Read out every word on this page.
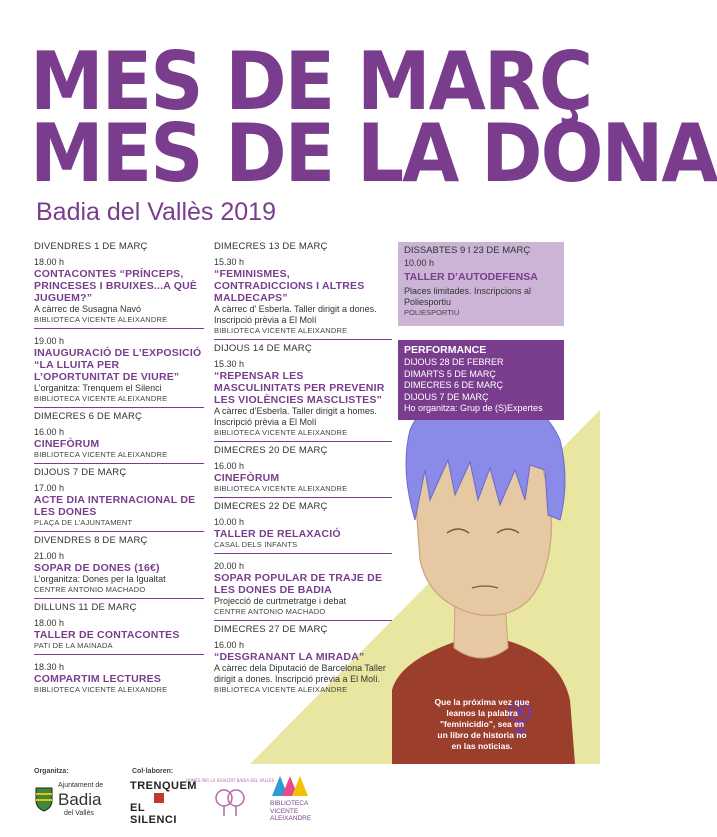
MES DE MARÇ
MES DE LA DONA
Badia del Vallès 2019
DIVENDRES 1 DE MARÇ
18.00 h
CONTACONTES “PRÍNCEPS, PRINCESES I BRUIXES...A QUÈ JUGUEM?”
A càrrec de Susagna Navó
BIBLIOTECA VICENTE ALEIXANDRE
19.00 h
INAUGURACIÓ DE L’EXPOSICIÓ “LA LLUITA PER L’OPORTUNITAT DE VIURE”
L’organitza: Trenquem el Silenci
BIBLIOTECA VICENTE ALEIXANDRE
DIMECRES 6 DE MARÇ
16.00 h
CINEFÒRUM
BIBLIOTECA VICENTE ALEIXANDRE
DIJOUS 7 DE MARÇ
17.00 h
ACTE DIA INTERNACIONAL DE LES DONES
PLAÇA DE L’AJUNTAMENT
DIVENDRES 8 DE MARÇ
21.00 h
SOPAR DE DONES (16€)
L’organitza: Dones per la Igualtat
CENTRE ANTONIO MACHADO
DILLUNS 11 DE MARÇ
18.00 h
TALLER DE CONTACONTES
PATI DE LA MAINADA
18.30 h
COMPARTIM LECTURES
BIBLIOTECA VICENTE ALEIXANDRE
DIMECRES 13 DE MARÇ
15.30 h
“FEMINISMES, CONTRADICCIONS I ALTRES MALDECAPS”
A càrrec d’ Esberla. Taller dirigit a dones. Inscripció prèvia a El Molí
BIBLIOTECA VICENTE ALEIXANDRE
DIJOUS 14 DE MARÇ
15.30 h
“REPENSAR LES MASCULINITATS PER PREVENIR LES VIOLÈNCIES MASCLISTES”
A càrrec d’Esberla. Taller dirigit a homes. Inscripció prèvia a El Molí
BIBLIOTECA VICENTE ALEIXANDRE
DIMECRES 20 DE MARÇ
16.00 h
CINEFÒRUM
BIBLIOTECA VICENTE ALEIXANDRE
DIMECRES 22 DE MARÇ
10.00 h
TALLER DE RELAXACIÓ
CASAL DELS INFANTS
20.00 h
SOPAR POPULAR DE TRAJE DE LES DONES DE BADIA
Projecció de curtmetratge i debat
CENTRE ANTONIO MACHADO
DIMECRES 27 DE MARÇ
16.00 h
“DESGRANANT LA MIRADA”
A càrrec dela Diputació de Barcelona Taller dirigit a dones. Inscripció prèvia a El Molí.
BIBLIOTECA VICENTE ALEIXANDRE
DISSABTES 9 I 23 DE MARÇ
10.00 h
TALLER D’AUTODEFENSA
Places limitades. Inscripcions al Poliesportiu
POLIESPORTIU
PERFORMANCE
DIJOUS 28 DE FEBRER
DIMARTS 5 DE MARÇ
DIMECRES 6 DE MARÇ
DIJOUS 7 DE MARÇ
Ho organitza: Grup de (S)Expertes
Que la próxima vez que leamos la palabra "feminicidio", sea en un libro de historia no en las noticias.
Organitza:	Col·laboren:
Ajuntament de
Badia
del Vallès
TRENQUEM
EL SILENCI
DONES PER LA IGUALTAT BADIA DEL VALLÈS
BIBLIOTECA VICENTE ALEIXANDRE
